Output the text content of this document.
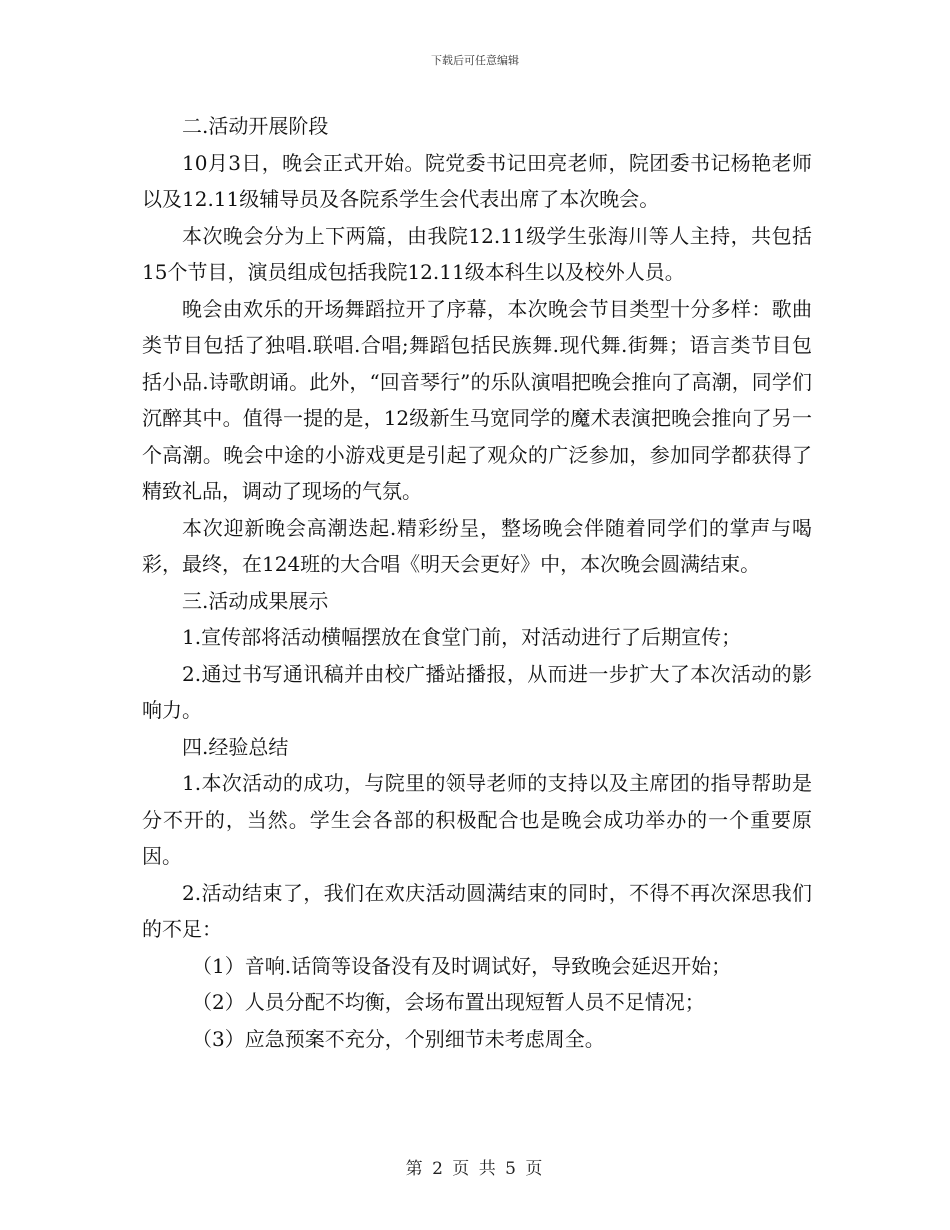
下载后可任意编辑

二.活动开展阶段

10月3日，晚会正式开始。院党委书记田亮老师，院团委书记杨艳老师以及12.11级辅导员及各院系学生会代表出席了本次晚会。

本次晚会分为上下两篇，由我院12.11级学生张海川等人主持，共包括15个节目，演员组成包括我院12.11级本科生以及校外人员。

晚会由欢乐的开场舞蹈拉开了序幕，本次晚会节目类型十分多样：歌曲类节目包括了独唱.联唱.合唱;舞蹈包括民族舞.现代舞.街舞；语言类节目包括小品.诗歌朗诵。此外，“回音琴行”的乐队演唱把晚会推向了高潮，同学们沉醉其中。值得一提的是，12级新生马宽同学的魔术表演把晚会推向了另一个高潮。晚会中途的小游戏更是引起了观众的广泛参加，参加同学都获得了精致礼品，调动了现场的气氛。

本次迎新晚会高潮迭起.精彩纷呈，整场晚会伴随着同学们的掌声与喝彩，最终，在124班的大合唱《明天会更好》中，本次晚会圆满结束。

三.活动成果展示

1.宣传部将活动横幅摆放在食堂门前，对活动进行了后期宣传；

2.通过书写通讯稿并由校广播站播报，从而进一步扩大了本次活动的影响力。

四.经验总结

1.本次活动的成功，与院里的领导老师的支持以及主席团的指导帮助是分不开的，当然。学生会各部的积极配合也是晚会成功举办的一个重要原因。

2.活动结束了，我们在欢庆活动圆满结束的同时，不得不再次深思我们的不足：

（1）音响.话筒等设备没有及时调试好，导致晚会延迟开始；

（2）人员分配不均衡，会场布置出现短暂人员不足情况；

（3）应急预案不充分，个别细节未考虑周全。

第 2 页 共 5 页
